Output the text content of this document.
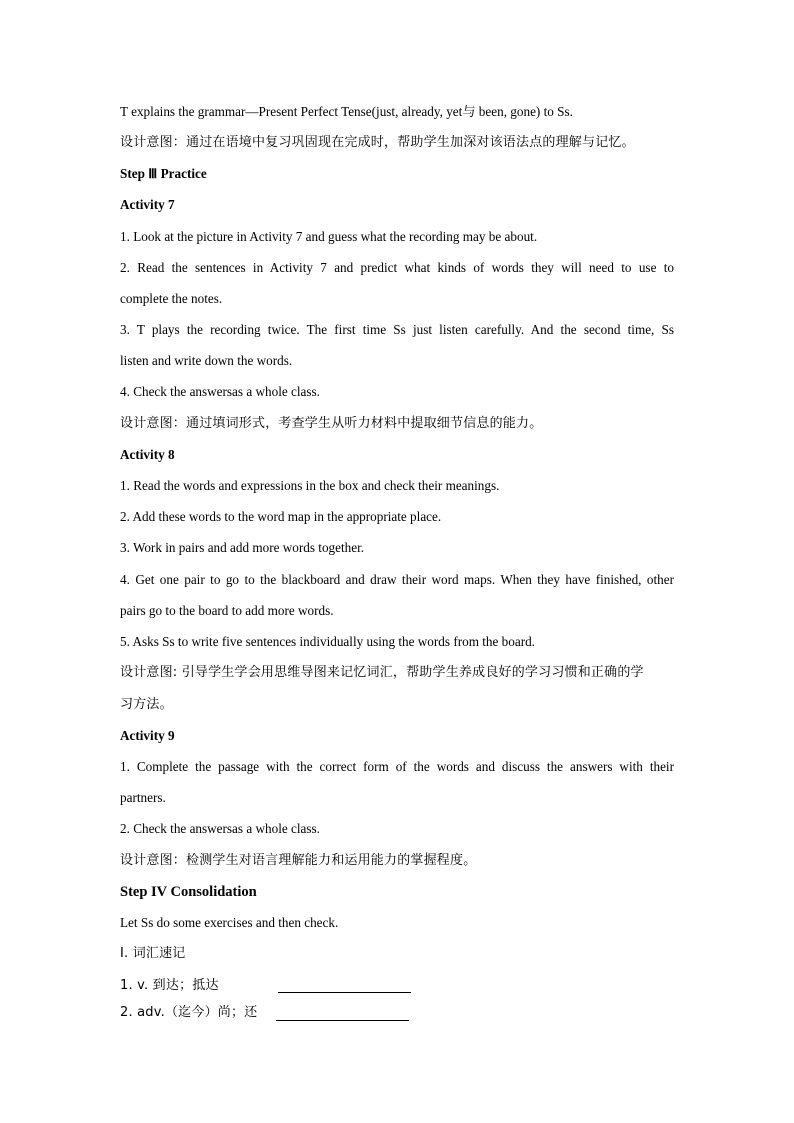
T explains the grammar—Present Perfect Tense(just, already, yet与 been, gone) to Ss.
设计意图：通过在语境中复习巩固现在完成时，帮助学生加深对该语法点的理解与记忆。
Step Ⅲ Practice
Activity 7
1. Look at the picture in Activity 7 and guess what the recording may be about.
2. Read the sentences in Activity 7 and predict what kinds of words they will need to use to
complete the notes.
3. T plays the recording twice. The first time Ss just listen carefully. And the second time, Ss
listen and write down the words.
4. Check the answersas a whole class.
设计意图：通过填词形式，考查学生从听力材料中提取细节信息的能力。
Activity 8
1. Read the words and expressions in the box and check their meanings.
2. Add these words to the word map in the appropriate place.
3. Work in pairs and add more words together.
4. Get one pair to go to the blackboard and draw their word maps. When they have finished, other
pairs go to the board to add more words.
5. Asks Ss to write five sentences individually using the words from the board.
设计意图: 引导学生学会用思维导图来记忆词汇，帮助学生养成良好的学习习惯和正确的学
习方法。
Activity 9
1. Complete the passage with the correct form of the words and discuss the answers with their
partners.
2. Check the answersas a whole class.
设计意图：检测学生对语言理解能力和运用能力的掌握程度。
Step IV Consolidation
Let Ss do some exercises and then check.
I. 词汇速记
1. v. 到达；抵达
2. adv.（迄今）尚；还
